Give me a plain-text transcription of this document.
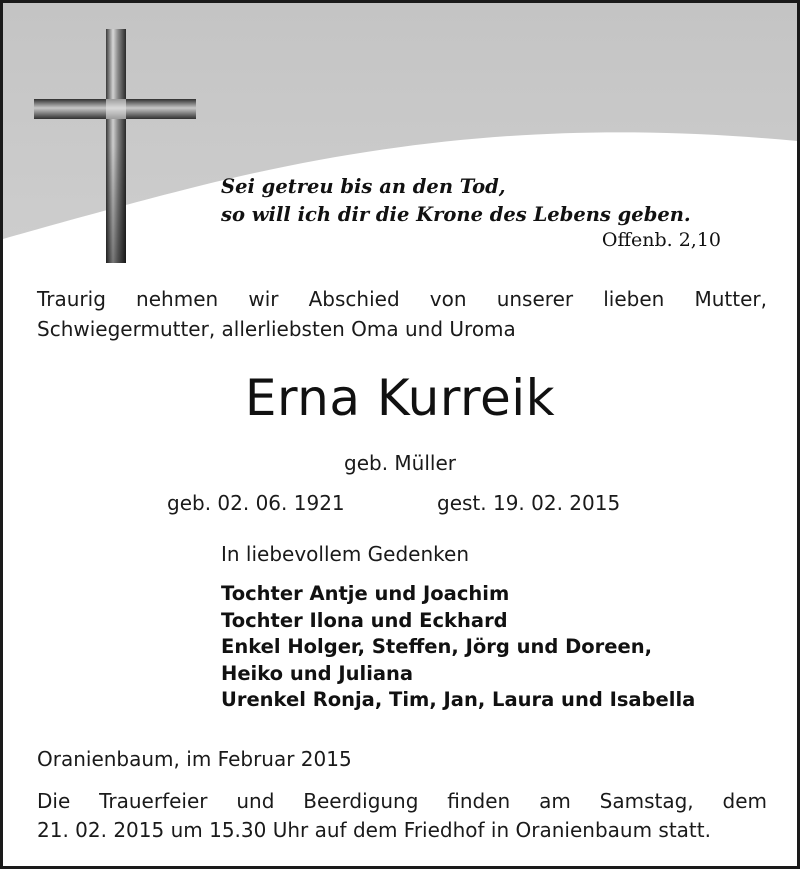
Sei getreu bis an den Tod,
so will ich dir die Krone des Lebens geben.
Offenb. 2,10
Traurig nehmen wir Abschied von unserer lieben Mutter,
Schwiegermutter, allerliebsten Oma und Uroma
Erna Kurreik
geb. Müller
geb. 02. 06. 1921	gest. 19. 02. 2015
In liebevollem Gedenken
Tochter Antje und Joachim
Tochter Ilona und Eckhard
Enkel Holger, Steffen, Jörg und Doreen,
Heiko und Juliana
Urenkel Ronja, Tim, Jan, Laura und Isabella
Oranienbaum, im Februar 2015
Die Trauerfeier und Beerdigung finden am Samstag, dem
21. 02. 2015 um 15.30 Uhr auf dem Friedhof in Oranienbaum statt.
